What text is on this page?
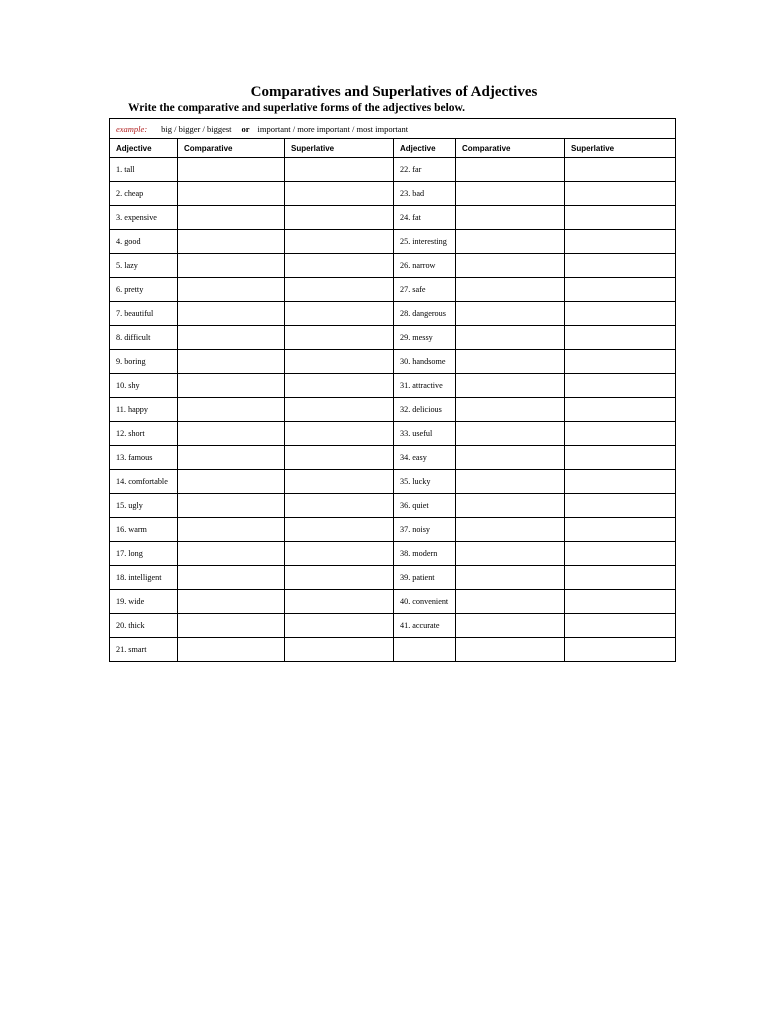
Comparatives and Superlatives of Adjectives
Write the comparative and superlative forms of the adjectives below.
example: big / bigger / biggest or important / more important / most important					
Adjective	Comparative	Superlative	Adjective	Comparative	Superlative
1. tall			22. far		
2. cheap			23. bad		
3. expensive			24. fat		
4. good			25. interesting		
5. lazy			26. narrow		
6. pretty			27. safe		
7. beautiful			28. dangerous		
8. difficult			29. messy		
9. boring			30. handsome		
10. shy			31. attractive		
11. happy			32. delicious		
12. short			33. useful		
13. famous			34. easy		
14. comfortable			35. lucky		
15. ugly			36. quiet		
16. warm			37. noisy		
17. long			38. modern		
18. intelligent			39. patient		
19. wide			40. convenient		
20. thick			41. accurate		
21. smart					
